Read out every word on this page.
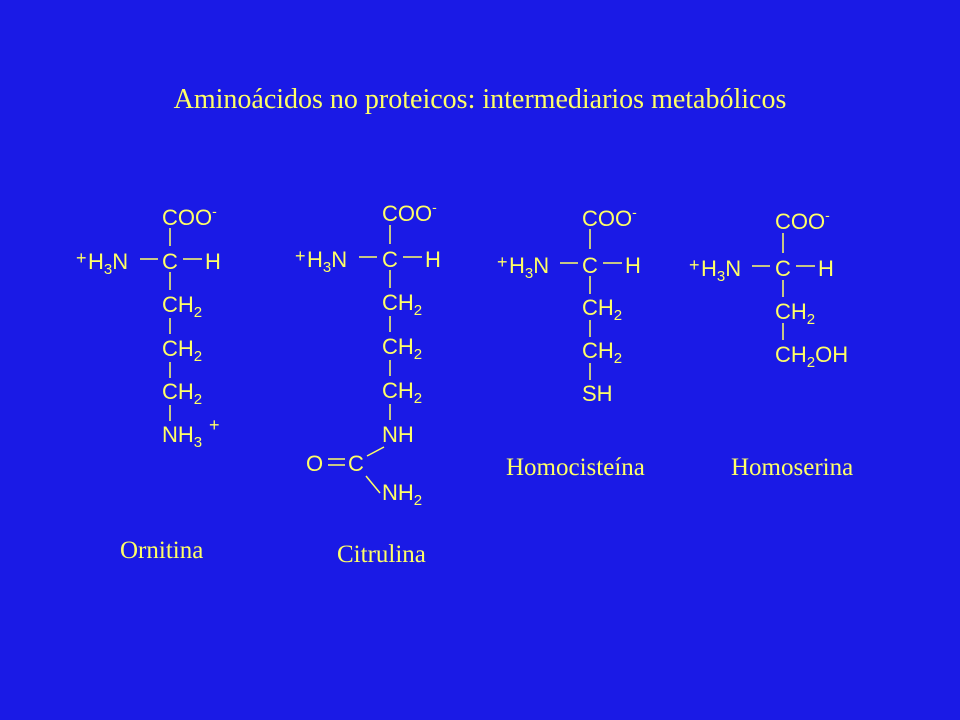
Aminoácidos no proteicos: intermediarios metabólicos
COO-
+ $H_3N$ C H
$CH_2$
$CH_2$
$CH_2$
$NH_3$
+
COO-
+ $H_3N$ C H
$CH_2$
$CH_2$
$CH_2$
NH
O C
$NH_2$
COO-
+ $H_3N$ C H
$CH_2$
$CH_2$
SH
COO-
+ $H_3N$ C H
$CH_2$
$CH_2OH$
Ornitina	Citrulina
Homocisteína	Homoserina
